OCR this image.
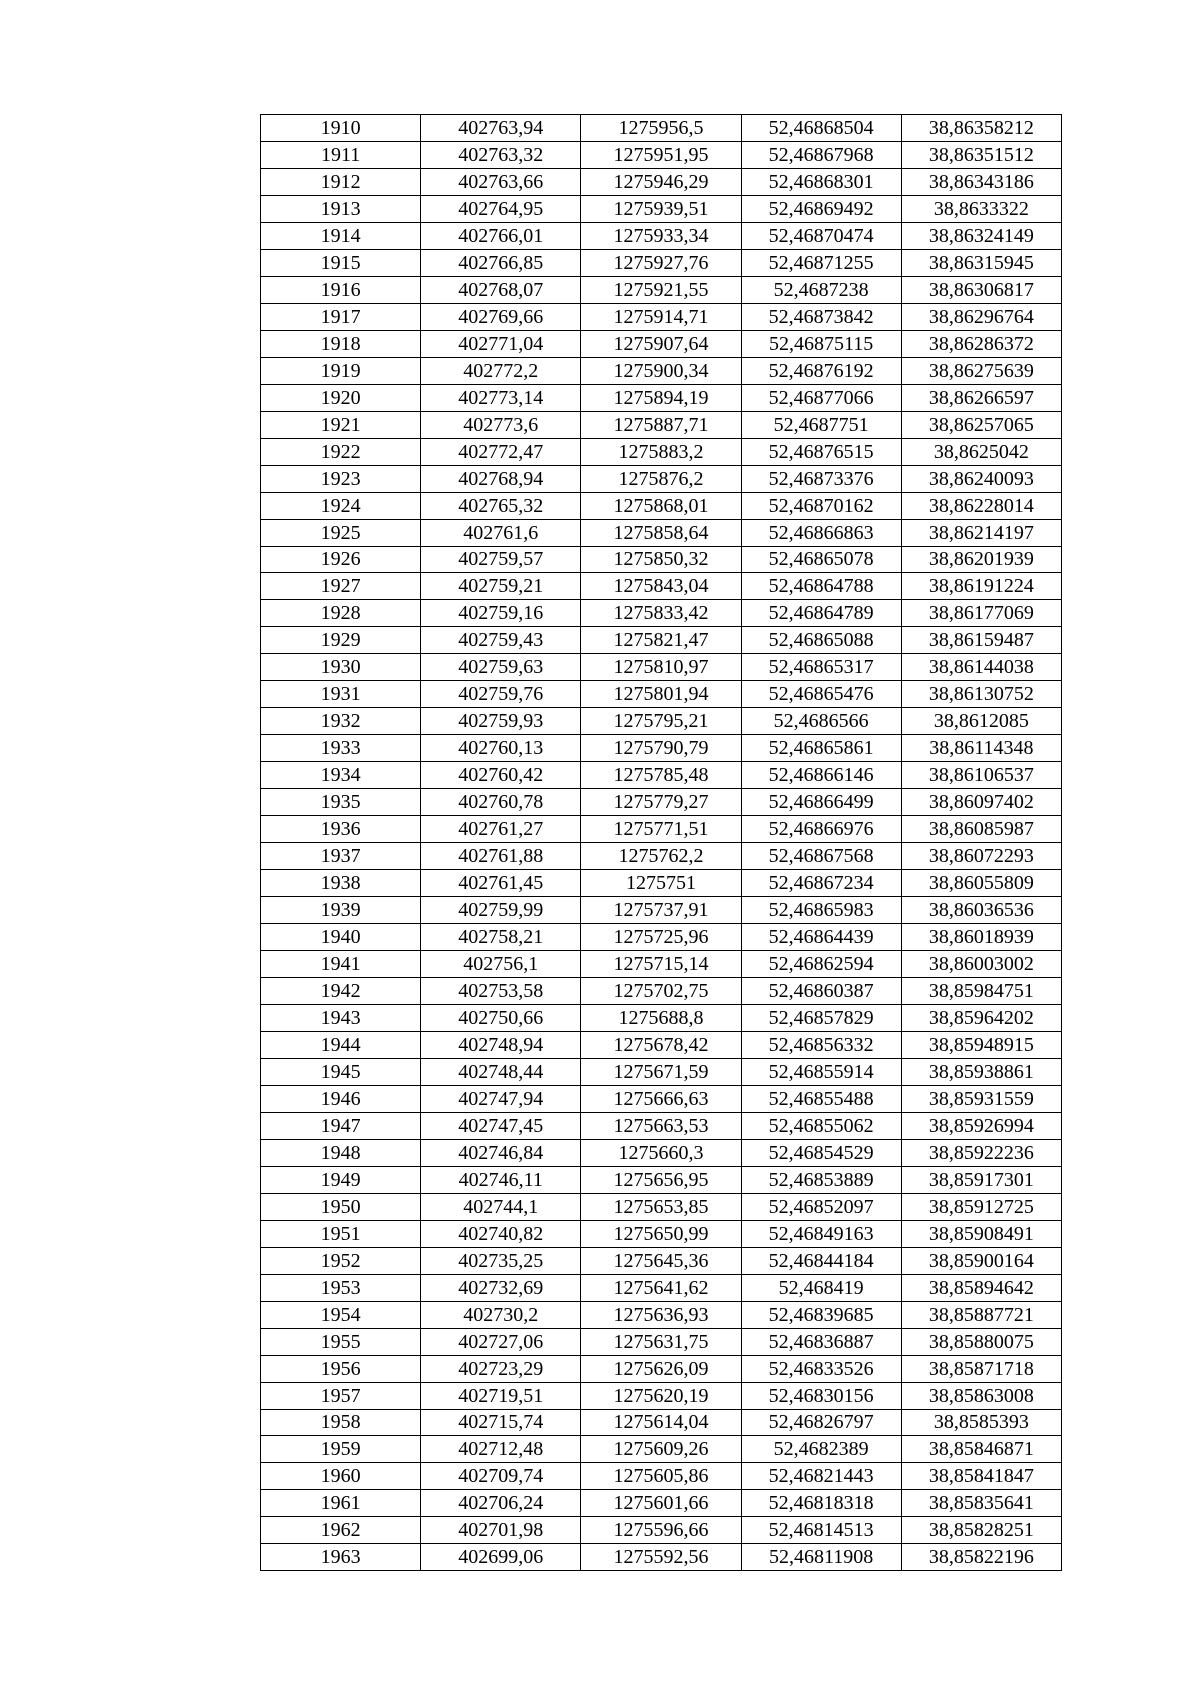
1910	402763,94	1275956,5	52,46868504	38,86358212
1911	402763,32	1275951,95	52,46867968	38,86351512
1912	402763,66	1275946,29	52,46868301	38,86343186
1913	402764,95	1275939,51	52,46869492	38,8633322
1914	402766,01	1275933,34	52,46870474	38,86324149
1915	402766,85	1275927,76	52,46871255	38,86315945
1916	402768,07	1275921,55	52,4687238	38,86306817
1917	402769,66	1275914,71	52,46873842	38,86296764
1918	402771,04	1275907,64	52,46875115	38,86286372
1919	402772,2	1275900,34	52,46876192	38,86275639
1920	402773,14	1275894,19	52,46877066	38,86266597
1921	402773,6	1275887,71	52,4687751	38,86257065
1922	402772,47	1275883,2	52,46876515	38,8625042
1923	402768,94	1275876,2	52,46873376	38,86240093
1924	402765,32	1275868,01	52,46870162	38,86228014
1925	402761,6	1275858,64	52,46866863	38,86214197
1926	402759,57	1275850,32	52,46865078	38,86201939
1927	402759,21	1275843,04	52,46864788	38,86191224
1928	402759,16	1275833,42	52,46864789	38,86177069
1929	402759,43	1275821,47	52,46865088	38,86159487
1930	402759,63	1275810,97	52,46865317	38,86144038
1931	402759,76	1275801,94	52,46865476	38,86130752
1932	402759,93	1275795,21	52,4686566	38,8612085
1933	402760,13	1275790,79	52,46865861	38,86114348
1934	402760,42	1275785,48	52,46866146	38,86106537
1935	402760,78	1275779,27	52,46866499	38,86097402
1936	402761,27	1275771,51	52,46866976	38,86085987
1937	402761,88	1275762,2	52,46867568	38,86072293
1938	402761,45	1275751	52,46867234	38,86055809
1939	402759,99	1275737,91	52,46865983	38,86036536
1940	402758,21	1275725,96	52,46864439	38,86018939
1941	402756,1	1275715,14	52,46862594	38,86003002
1942	402753,58	1275702,75	52,46860387	38,85984751
1943	402750,66	1275688,8	52,46857829	38,85964202
1944	402748,94	1275678,42	52,46856332	38,85948915
1945	402748,44	1275671,59	52,46855914	38,85938861
1946	402747,94	1275666,63	52,46855488	38,85931559
1947	402747,45	1275663,53	52,46855062	38,85926994
1948	402746,84	1275660,3	52,46854529	38,85922236
1949	402746,11	1275656,95	52,46853889	38,85917301
1950	402744,1	1275653,85	52,46852097	38,85912725
1951	402740,82	1275650,99	52,46849163	38,85908491
1952	402735,25	1275645,36	52,46844184	38,85900164
1953	402732,69	1275641,62	52,468419	38,85894642
1954	402730,2	1275636,93	52,46839685	38,85887721
1955	402727,06	1275631,75	52,46836887	38,85880075
1956	402723,29	1275626,09	52,46833526	38,85871718
1957	402719,51	1275620,19	52,46830156	38,85863008
1958	402715,74	1275614,04	52,46826797	38,8585393
1959	402712,48	1275609,26	52,4682389	38,85846871
1960	402709,74	1275605,86	52,46821443	38,85841847
1961	402706,24	1275601,66	52,46818318	38,85835641
1962	402701,98	1275596,66	52,46814513	38,85828251
1963	402699,06	1275592,56	52,46811908	38,85822196
